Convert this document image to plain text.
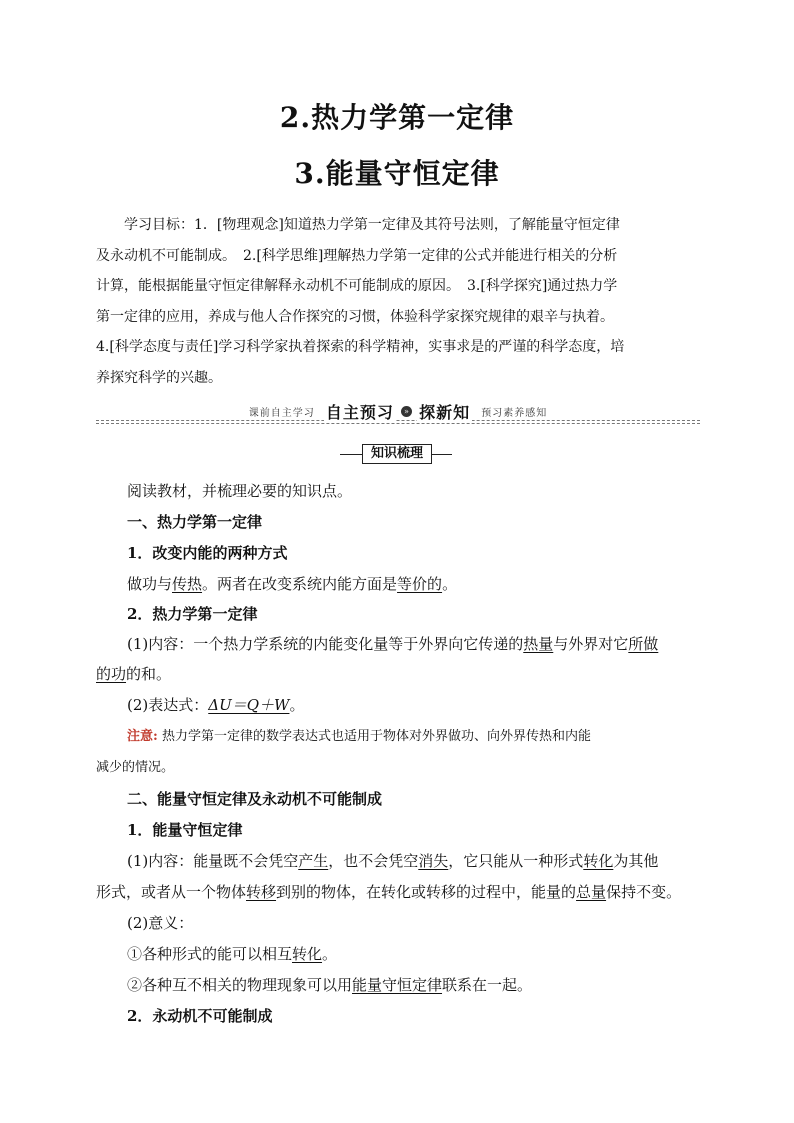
2.热力学第一定律
3.能量守恒定律
学习目标：1．[物理观念]知道热力学第一定律及其符号法则，了解能量守恒定律
及永动机不可能制成。　2.[科学思维]理解热力学第一定律的公式并能进行相关的分析
计算，能根据能量守恒定律解释永动机不可能制成的原因。　3.[科学探究]通过热力学
第一定律的应用，养成与他人合作探究的习惯，体验科学家探究规律的艰辛与执着。
4.[科学态度与责任]学习科学家执着探索的科学精神，实事求是的严谨的科学态度，培
养探究科学的兴趣。
课前自主学习 自主预习 » 探新知 预习素养感知
知识梳理
阅读教材，并梳理必要的知识点。
一、热力学第一定律
1．改变内能的两种方式
做功与传热。两者在改变系统内能方面是等价的。
2．热力学第一定律
(1)内容：一个热力学系统的内能变化量等于外界向它传递的热量与外界对它所做
的功的和。
(2)表达式：ΔU＝Q＋W。
注意: 热力学第一定律的数学表达式也适用于物体对外界做功、向外界传热和内能
减少的情况。
二、能量守恒定律及永动机不可能制成
1．能量守恒定律
(1)内容：能量既不会凭空产生，也不会凭空消失，它只能从一种形式转化为其他
形式，或者从一个物体转移到别的物体，在转化或转移的过程中，能量的总量保持不变。
(2)意义：
①各种形式的能可以相互转化。
②各种互不相关的物理现象可以用能量守恒定律联系在一起。
2．永动机不可能制成
